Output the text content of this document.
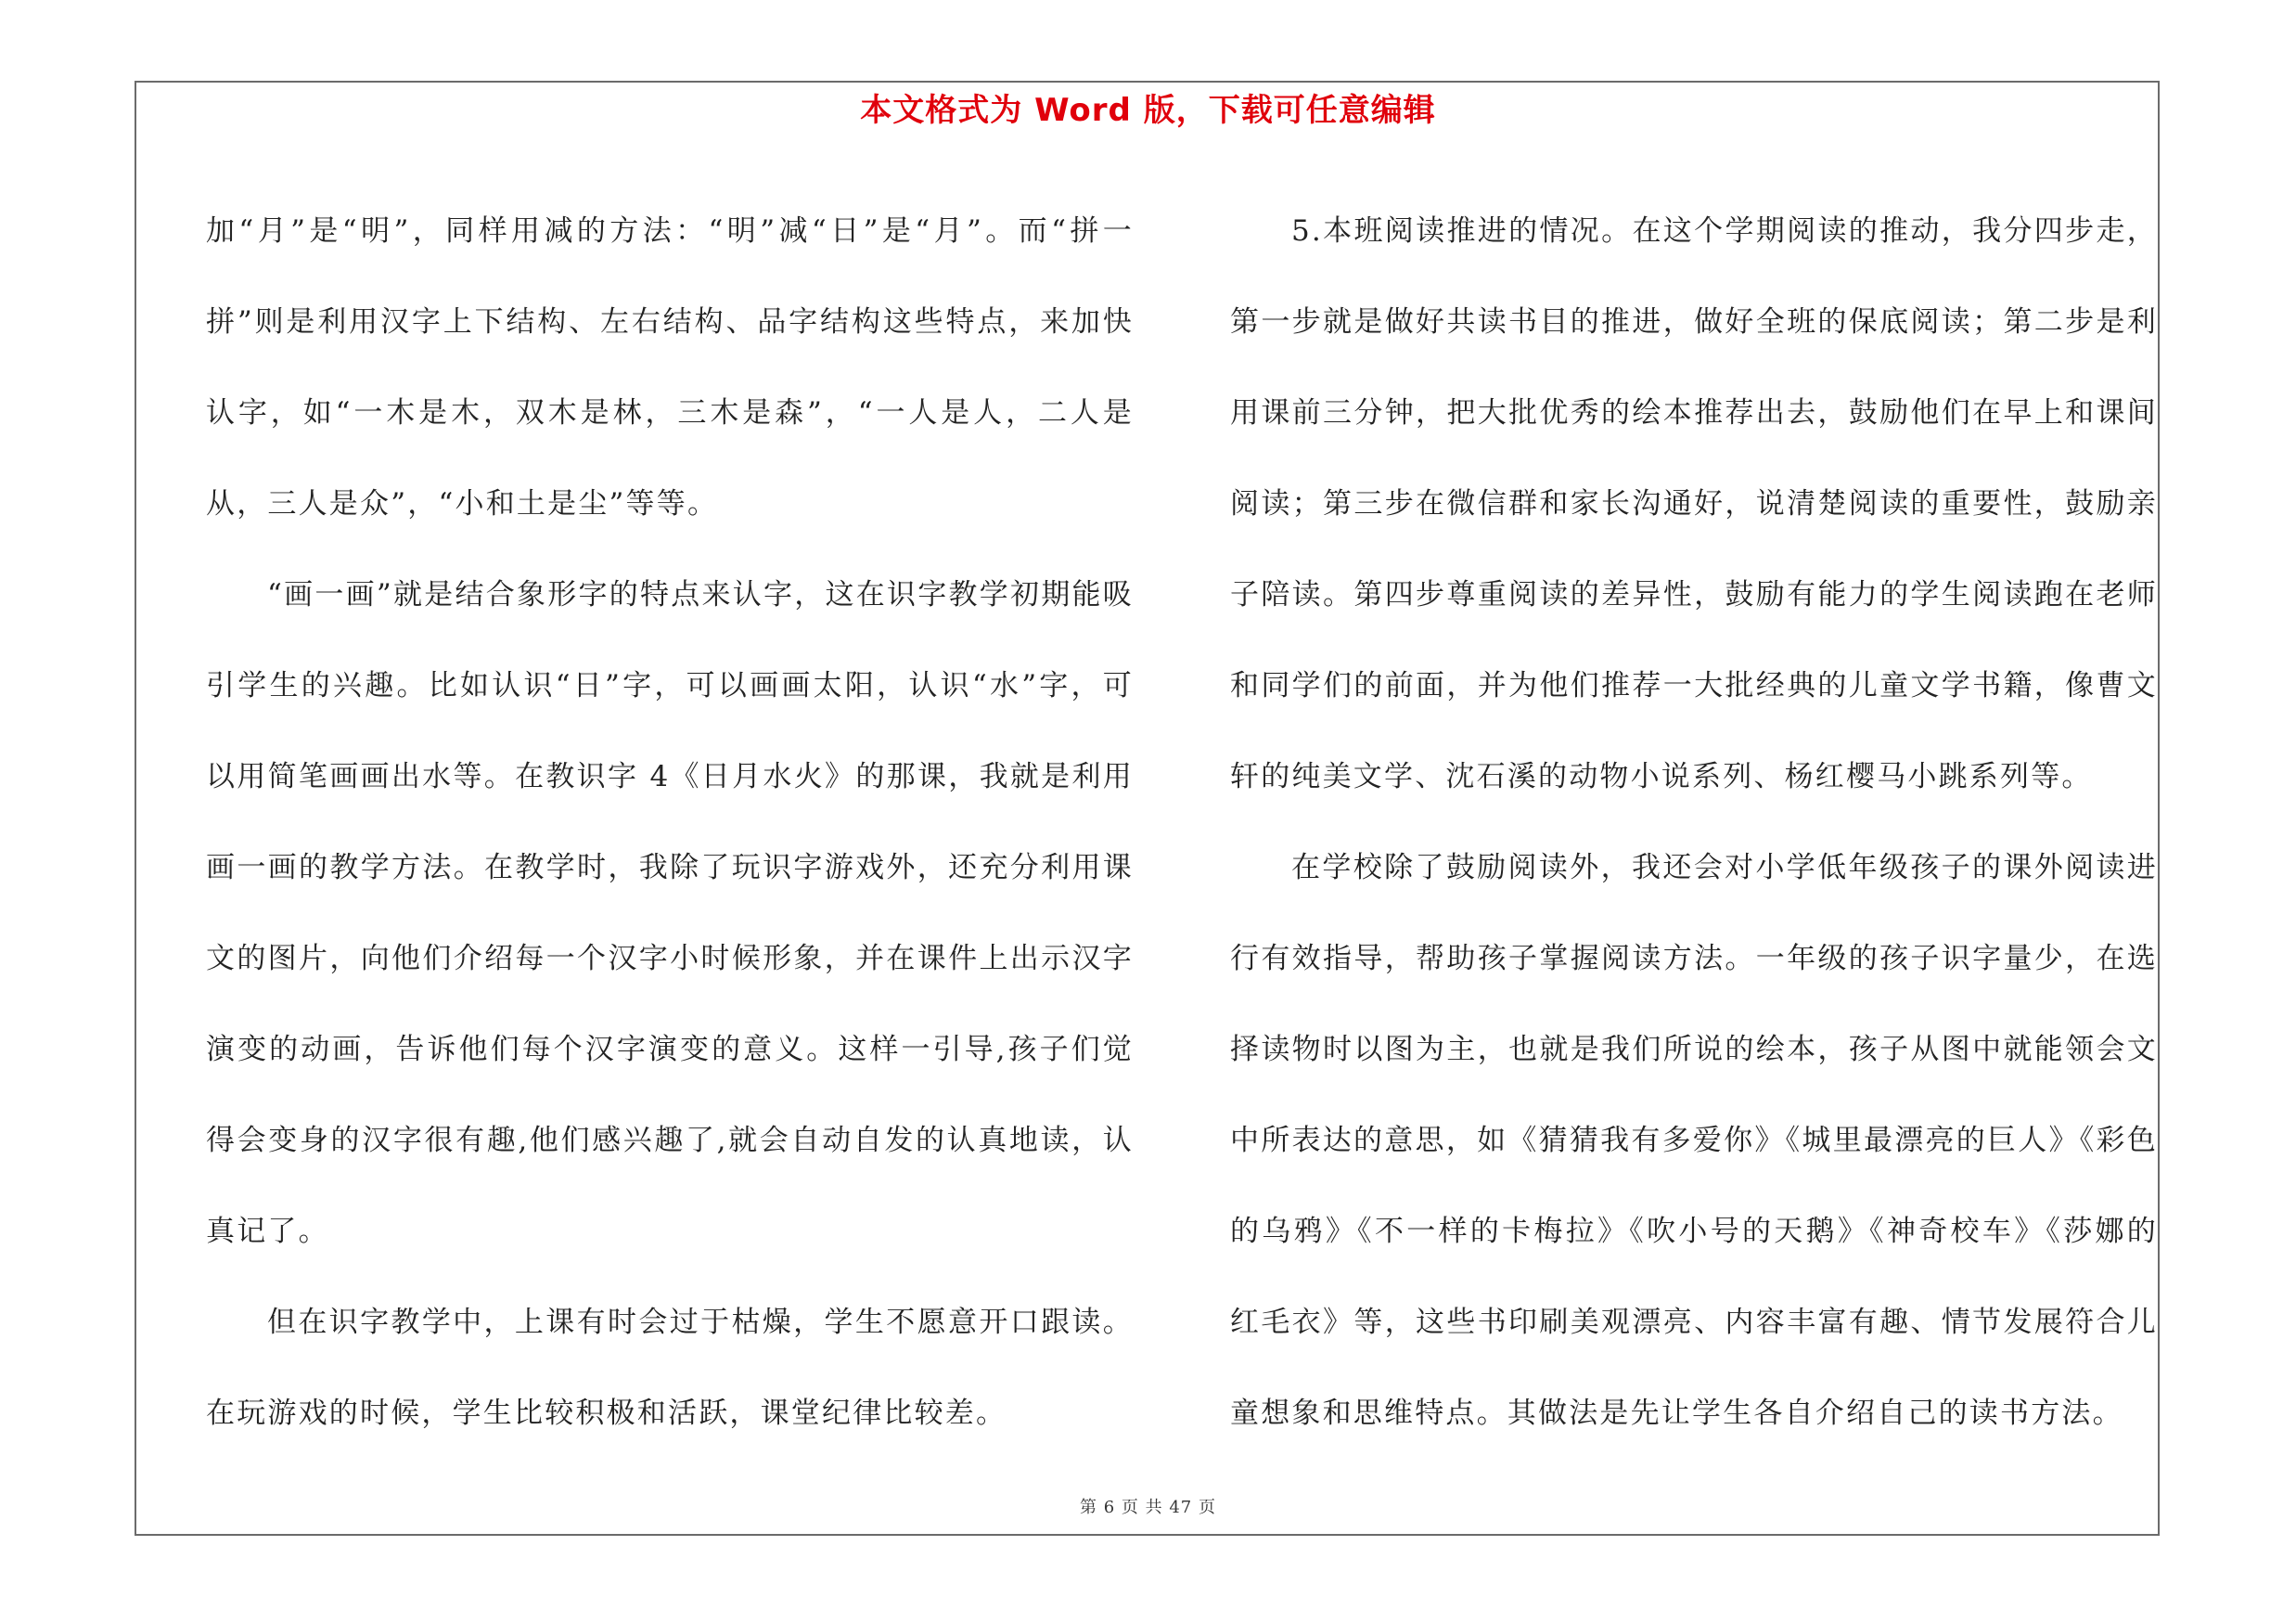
本文格式为 Word 版，下载可任意编辑

加“月”是“明”，同样用减的方法：“明”减“日”是“月”。而“拼一拼”则是利用汉字上下结构、左右结构、品字结构这些特点，来加快认字，如“一木是木，双木是林，三木是森”，“一人是人，二人是从，三人是众”，“小和土是尘”等等。

“画一画”就是结合象形字的特点来认字，这在识字教学初期能吸引学生的兴趣。比如认识“日”字，可以画画太阳，认识“水”字，可以用简笔画画出水等。在教识字 4《日月水火》的那课，我就是利用画一画的教学方法。在教学时，我除了玩识字游戏外，还充分利用课文的图片，向他们介绍每一个汉字小时候形象，并在课件上出示汉字演变的动画，告诉他们每个汉字演变的意义。这样一引导,孩子们觉得会变身的汉字很有趣,他们感兴趣了,就会自动自发的认真地读，认真记了。

但在识字教学中，上课有时会过于枯燥，学生不愿意开口跟读。在玩游戏的时候，学生比较积极和活跃，课堂纪律比较差。

5.本班阅读推进的情况。在这个学期阅读的推动，我分四步走，第一步就是做好共读书目的推进，做好全班的保底阅读；第二步是利用课前三分钟，把大批优秀的绘本推荐出去，鼓励他们在早上和课间阅读；第三步在微信群和家长沟通好，说清楚阅读的重要性，鼓励亲子陪读。第四步尊重阅读的差异性，鼓励有能力的学生阅读跑在老师和同学们的前面，并为他们推荐一大批经典的儿童文学书籍，像曹文轩的纯美文学、沈石溪的动物小说系列、杨红樱马小跳系列等。

在学校除了鼓励阅读外，我还会对小学低年级孩子的课外阅读进行有效指导，帮助孩子掌握阅读方法。一年级的孩子识字量少，在选择读物时以图为主，也就是我们所说的绘本，孩子从图中就能领会文中所表达的意思，如《猜猜我有多爱你》《城里最漂亮的巨人》《彩色的乌鸦》《不一样的卡梅拉》《吹小号的天鹅》《神奇校车》《莎娜的红毛衣》等，这些书印刷美观漂亮、内容丰富有趣、情节发展符合儿童想象和思维特点。其做法是先让学生各自介绍自己的读书方法。

第 6 页 共 47 页
